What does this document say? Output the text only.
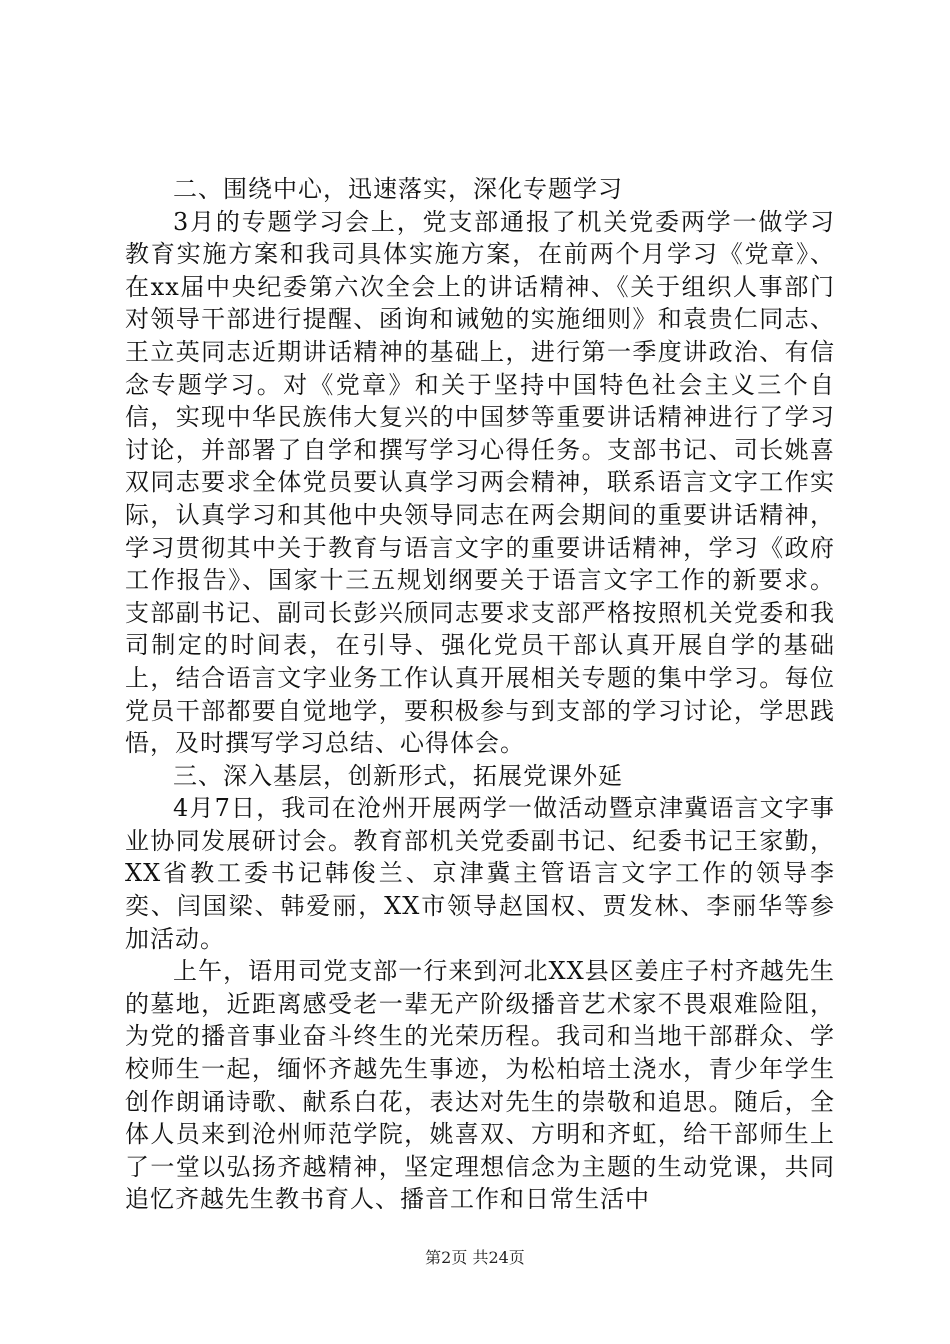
二、围绕中心，迅速落实，深化专题学习

3月的专题学习会上，党支部通报了机关党委两学一做学习教育实施方案和我司具体实施方案，在前两个月学习《党章》、在xx届中央纪委第六次全会上的讲话精神、《关于组织人事部门对领导干部进行提醒、函询和诫勉的实施细则》和袁贵仁同志、王立英同志近期讲话精神的基础上，进行第一季度讲政治、有信念专题学习。对《党章》和关于坚持中国特色社会主义三个自信，实现中华民族伟大复兴的中国梦等重要讲话精神进行了学习讨论，并部署了自学和撰写学习心得任务。支部书记、司长姚喜双同志要求全体党员要认真学习两会精神，联系语言文字工作实际，认真学习和其他中央领导同志在两会期间的重要讲话精神，学习贯彻其中关于教育与语言文字的重要讲话精神，学习《政府工作报告》、国家十三五规划纲要关于语言文字工作的新要求。支部副书记、副司长彭兴颀同志要求支部严格按照机关党委和我司制定的时间表，在引导、强化党员干部认真开展自学的基础上，结合语言文字业务工作认真开展相关专题的集中学习。每位党员干部都要自觉地学，要积极参与到支部的学习讨论，学思践悟，及时撰写学习总结、心得体会。

三、深入基层，创新形式，拓展党课外延

4月7日，我司在沧州开展两学一做活动暨京津冀语言文字事业协同发展研讨会。教育部机关党委副书记、纪委书记王家勤，XX省教工委书记韩俊兰、京津冀主管语言文字工作的领导李奕、闫国梁、韩爱丽，XX市领导赵国权、贾发林、李丽华等参加活动。

上午，语用司党支部一行来到河北XX县区姜庄子村齐越先生的墓地，近距离感受老一辈无产阶级播音艺术家不畏艰难险阻，为党的播音事业奋斗终生的光荣历程。我司和当地干部群众、学校师生一起，缅怀齐越先生事迹，为松柏培土浇水，青少年学生创作朗诵诗歌、献系白花，表达对先生的崇敬和追思。随后，全体人员来到沧州师范学院，姚喜双、方明和齐虹，给干部师生上了一堂以弘扬齐越精神，坚定理想信念为主题的生动党课，共同追忆齐越先生教书育人、播音工作和日常生活中

第2页 共24页
